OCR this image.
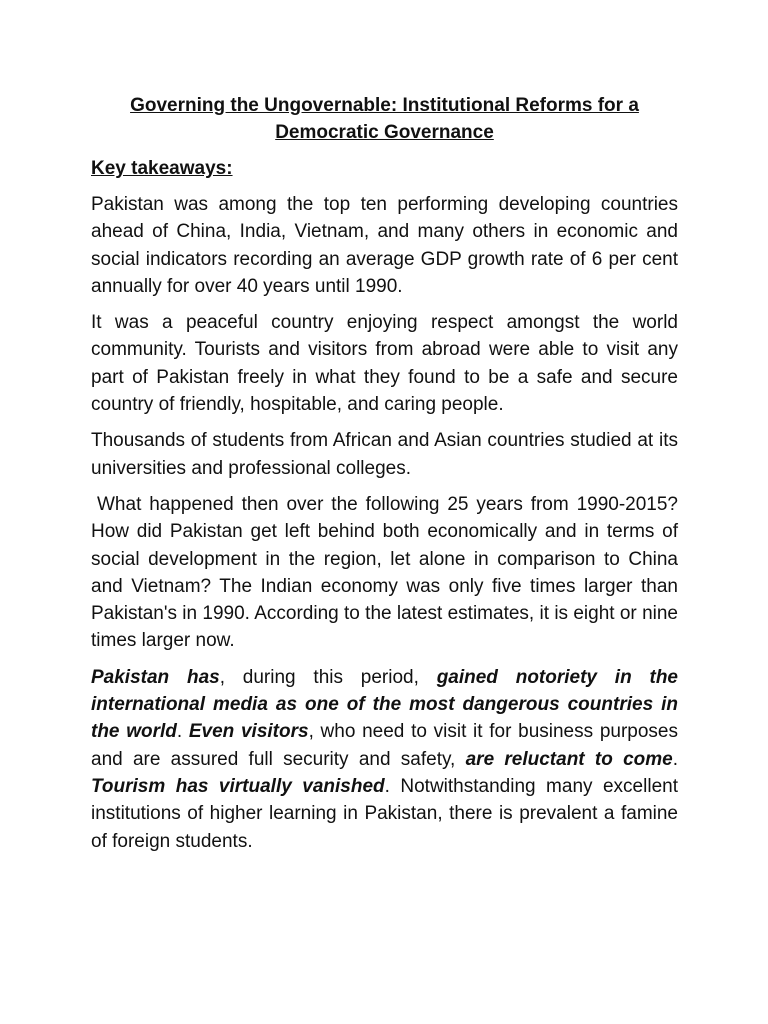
Governing the Ungovernable: Institutional Reforms for a
Democratic Governance
Key takeaways:

Pakistan was among the top ten performing developing countries ahead of China, India, Vietnam, and many others in economic and social indicators recording an average GDP growth rate of 6 per cent annually for over 40 years until 1990.

It was a peaceful country enjoying respect amongst the world community. Tourists and visitors from abroad were able to visit any part of Pakistan freely in what they found to be a safe and secure country of friendly, hospitable, and caring people.

Thousands of students from African and Asian countries studied at its universities and professional colleges.

What happened then over the following 25 years from 1990-2015? How did Pakistan get left behind both economically and in terms of social development in the region, let alone in comparison to China and Vietnam? The Indian economy was only five times larger than Pakistan's in 1990. According to the latest estimates, it is eight or nine times larger now.

Pakistan has, during this period, gained notoriety in the international media as one of the most dangerous countries in the world. Even visitors, who need to visit it for business purposes and are assured full security and safety, are reluctant to come. Tourism has virtually vanished. Notwithstanding many excellent institutions of higher learning in Pakistan, there is prevalent a famine of foreign students.
